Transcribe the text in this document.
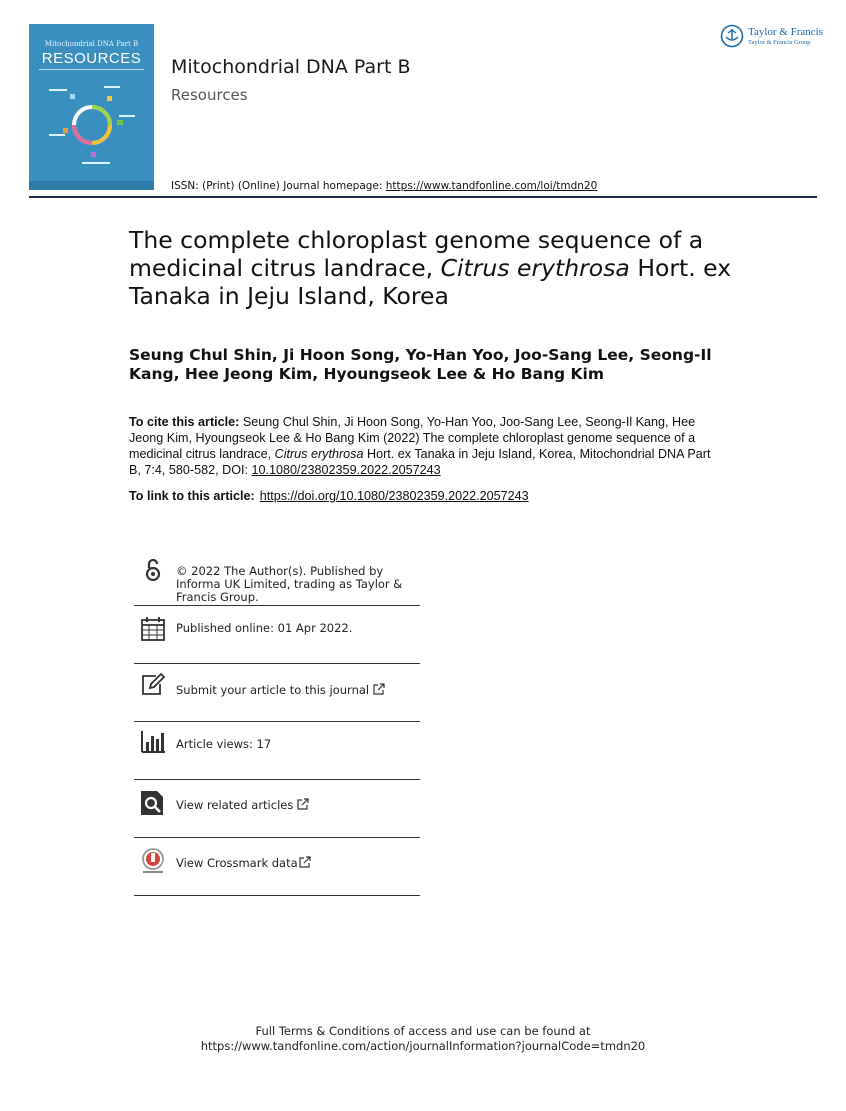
Mitochondrial DNA Part B
RESOURCES	Mitochondrial DNA Part B
Resources
ISSN: (Print) (Online) Journal homepage: https://www.tandfonline.com/loi/tmdn20
Taylor & Francis
Taylor & Francis Group
The complete chloroplast genome sequence of a medicinal citrus landrace, Citrus erythrosa Hort. ex Tanaka in Jeju Island, Korea
Seung Chul Shin, Ji Hoon Song, Yo-Han Yoo, Joo-Sang Lee, Seong-Il Kang, Hee Jeong Kim, Hyoungseok Lee & Ho Bang Kim
To cite this article: Seung Chul Shin, Ji Hoon Song, Yo-Han Yoo, Joo-Sang Lee, Seong-Il Kang, Hee Jeong Kim, Hyoungseok Lee & Ho Bang Kim (2022) The complete chloroplast genome sequence of a medicinal citrus landrace, Citrus erythrosa Hort. ex Tanaka in Jeju Island, Korea, Mitochondrial DNA Part B, 7:4, 580-582, DOI: 10.1080/23802359.2022.2057243
To link to this article: https://doi.org/10.1080/23802359.2022.2057243
© 2022 The Author(s). Published by Informa UK Limited, trading as Taylor & Francis Group.
Published online: 01 Apr 2022.
Submit your article to this journal
Article views: 17
View related articles
View Crossmark data
Full Terms & Conditions of access and use can be found at
https://www.tandfonline.com/action/journalInformation?journalCode=tmdn20
